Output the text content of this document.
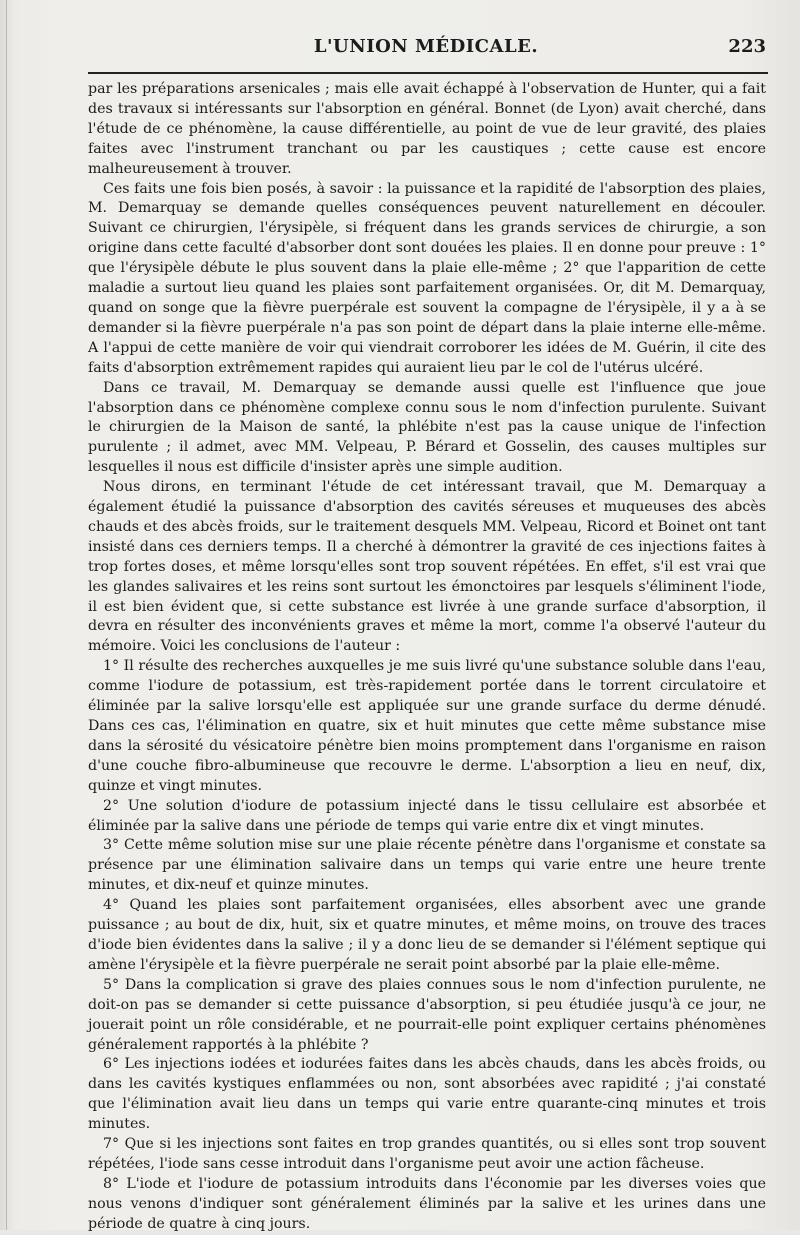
L'UNION MÉDICALE.	223

par les préparations arsenicales ; mais elle avait échappé à l'observation de Hunter, qui a fait des travaux si intéressants sur l'absorption en général. Bonnet (de Lyon) avait cherché, dans l'étude de ce phénomène, la cause différentielle, au point de vue de leur gravité, des plaies faites avec l'instrument tranchant ou par les caustiques ; cette cause est encore malheureusement à trouver.

Ces faits une fois bien posés, à savoir : la puissance et la rapidité de l'absorption des plaies, M. Demarquay se demande quelles conséquences peuvent naturellement en découler. Suivant ce chirurgien, l'érysipèle, si fréquent dans les grands services de chirurgie, a son origine dans cette faculté d'absorber dont sont douées les plaies. Il en donne pour preuve : 1° que l'érysipèle débute le plus souvent dans la plaie elle-même ; 2° que l'apparition de cette maladie a surtout lieu quand les plaies sont parfaitement organisées. Or, dit M. Demarquay, quand on songe que la fièvre puerpérale est souvent la compagne de l'érysipèle, il y a à se demander si la fièvre puerpérale n'a pas son point de départ dans la plaie interne elle-même. A l'appui de cette manière de voir qui viendrait corroborer les idées de M. Guérin, il cite des faits d'absorption extrêmement rapides qui auraient lieu par le col de l'utérus ulcéré.

Dans ce travail, M. Demarquay se demande aussi quelle est l'influence que joue l'absorption dans ce phénomène complexe connu sous le nom d'infection purulente. Suivant le chirurgien de la Maison de santé, la phlébite n'est pas la cause unique de l'infection purulente ; il admet, avec MM. Velpeau, P. Bérard et Gosselin, des causes multiples sur lesquelles il nous est difficile d'insister après une simple audition.

Nous dirons, en terminant l'étude de cet intéressant travail, que M. Demarquay a également étudié la puissance d'absorption des cavités séreuses et muqueuses des abcès chauds et des abcès froids, sur le traitement desquels MM. Velpeau, Ricord et Boinet ont tant insisté dans ces derniers temps. Il a cherché à démontrer la gravité de ces injections faites à trop fortes doses, et même lorsqu'elles sont trop souvent répétées. En effet, s'il est vrai que les glandes salivaires et les reins sont surtout les émonctoires par lesquels s'éliminent l'iode, il est bien évident que, si cette substance est livrée à une grande surface d'absorption, il devra en résulter des inconvénients graves et même la mort, comme l'a observé l'auteur du mémoire. Voici les conclusions de l'auteur :

1° Il résulte des recherches auxquelles je me suis livré qu'une substance soluble dans l'eau, comme l'iodure de potassium, est très-rapidement portée dans le torrent circulatoire et éliminée par la salive lorsqu'elle est appliquée sur une grande surface du derme dénudé. Dans ces cas, l'élimination en quatre, six et huit minutes que cette même substance mise dans la sérosité du vésicatoire pénètre bien moins promptement dans l'organisme en raison d'une couche fibro-albumineuse que recouvre le derme. L'absorption a lieu en neuf, dix, quinze et vingt minutes.

2° Une solution d'iodure de potassium injecté dans le tissu cellulaire est absorbée et éliminée par la salive dans une période de temps qui varie entre dix et vingt minutes.

3° Cette même solution mise sur une plaie récente pénètre dans l'organisme et constate sa présence par une élimination salivaire dans un temps qui varie entre une heure trente minutes, et dix-neuf et quinze minutes.

4° Quand les plaies sont parfaitement organisées, elles absorbent avec une grande puissance ; au bout de dix, huit, six et quatre minutes, et même moins, on trouve des traces d'iode bien évidentes dans la salive ; il y a donc lieu de se demander si l'élément septique qui amène l'érysipèle et la fièvre puerpérale ne serait point absorbé par la plaie elle-même.

5° Dans la complication si grave des plaies connues sous le nom d'infection purulente, ne doit-on pas se demander si cette puissance d'absorption, si peu étudiée jusqu'à ce jour, ne jouerait point un rôle considérable, et ne pourrait-elle point expliquer certains phénomènes généralement rapportés à la phlébite ?

6° Les injections iodées et iodurées faites dans les abcès chauds, dans les abcès froids, ou dans les cavités kystiques enflammées ou non, sont absorbées avec rapidité ; j'ai constaté que l'élimination avait lieu dans un temps qui varie entre quarante-cinq minutes et trois minutes.

7° Que si les injections sont faites en trop grandes quantités, ou si elles sont trop souvent répétées, l'iode sans cesse introduit dans l'organisme peut avoir une action fâcheuse.

8° L'iode et l'iodure de potassium introduits dans l'économie par les diverses voies que nous venons d'indiquer sont généralement éliminés par la salive et les urines dans une période de quatre à cinq jours.
